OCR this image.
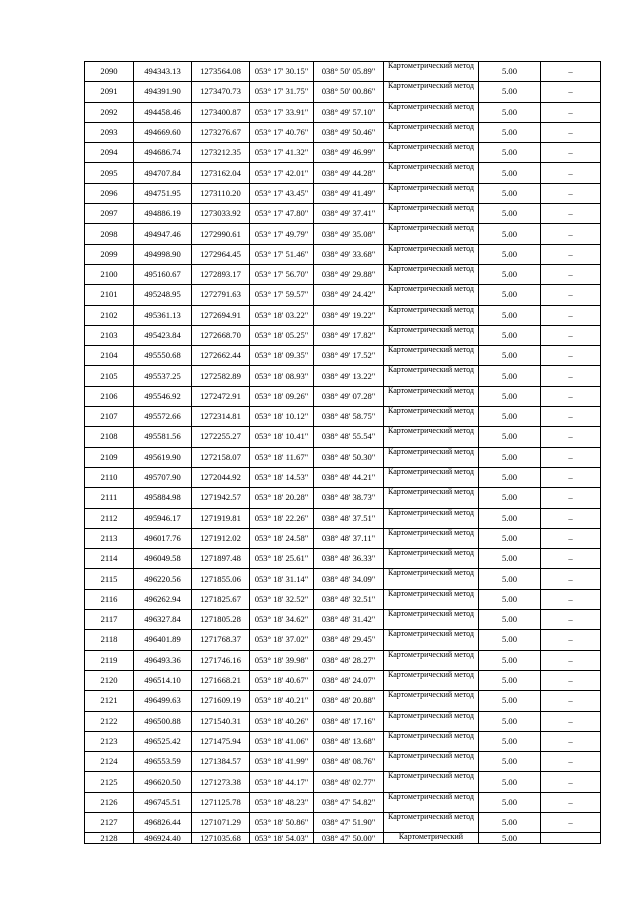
2090	494343.13	1273564.08	053° 17' 30.15"	038° 50' 05.89"	Картометрический метод	5.00	–
2091	494391.90	1273470.73	053° 17' 31.75"	038° 50' 00.86"	Картометрический метод	5.00	–
2092	494458.46	1273400.87	053° 17' 33.91"	038° 49' 57.10"	Картометрический метод	5.00	–
2093	494669.60	1273276.67	053° 17' 40.76"	038° 49' 50.46"	Картометрический метод	5.00	–
2094	494686.74	1273212.35	053° 17' 41.32"	038° 49' 46.99"	Картометрический метод	5.00	–
2095	494707.84	1273162.04	053° 17' 42.01"	038° 49' 44.28"	Картометрический метод	5.00	–
2096	494751.95	1273110.20	053° 17' 43.45"	038° 49' 41.49"	Картометрический метод	5.00	–
2097	494886.19	1273033.92	053° 17' 47.80"	038° 49' 37.41"	Картометрический метод	5.00	–
2098	494947.46	1272990.61	053° 17' 49.79"	038° 49' 35.08"	Картометрический метод	5.00	–
2099	494998.90	1272964.45	053° 17' 51.46"	038° 49' 33.68"	Картометрический метод	5.00	–
2100	495160.67	1272893.17	053° 17' 56.70"	038° 49' 29.88"	Картометрический метод	5.00	–
2101	495248.95	1272791.63	053° 17' 59.57"	038° 49' 24.42"	Картометрический метод	5.00	–
2102	495361.13	1272694.91	053° 18' 03.22"	038° 49' 19.22"	Картометрический метод	5.00	–
2103	495423.84	1272668.70	053° 18' 05.25"	038° 49' 17.82"	Картометрический метод	5.00	–
2104	495550.68	1272662.44	053° 18' 09.35"	038° 49' 17.52"	Картометрический метод	5.00	–
2105	495537.25	1272582.89	053° 18' 08.93"	038° 49' 13.22"	Картометрический метод	5.00	–
2106	495546.92	1272472.91	053° 18' 09.26"	038° 49' 07.28"	Картометрический метод	5.00	–
2107	495572.66	1272314.81	053° 18' 10.12"	038° 48' 58.75"	Картометрический метод	5.00	–
2108	495581.56	1272255.27	053° 18' 10.41"	038° 48' 55.54"	Картометрический метод	5.00	–
2109	495619.90	1272158.07	053° 18' 11.67"	038° 48' 50.30"	Картометрический метод	5.00	–
2110	495707.90	1272044.92	053° 18' 14.53"	038° 48' 44.21"	Картометрический метод	5.00	–
2111	495884.98	1271942.57	053° 18' 20.28"	038° 48' 38.73"	Картометрический метод	5.00	–
2112	495946.17	1271919.81	053° 18' 22.26"	038° 48' 37.51"	Картометрический метод	5.00	–
2113	496017.76	1271912.02	053° 18' 24.58"	038° 48' 37.11"	Картометрический метод	5.00	–
2114	496049.58	1271897.48	053° 18' 25.61"	038° 48' 36.33"	Картометрический метод	5.00	–
2115	496220.56	1271855.06	053° 18' 31.14"	038° 48' 34.09"	Картометрический метод	5.00	–
2116	496262.94	1271825.67	053° 18' 32.52"	038° 48' 32.51"	Картометрический метод	5.00	–
2117	496327.84	1271805.28	053° 18' 34.62"	038° 48' 31.42"	Картометрический метод	5.00	–
2118	496401.89	1271768.37	053° 18' 37.02"	038° 48' 29.45"	Картометрический метод	5.00	–
2119	496493.36	1271746.16	053° 18' 39.98"	038° 48' 28.27"	Картометрический метод	5.00	–
2120	496514.10	1271668.21	053° 18' 40.67"	038° 48' 24.07"	Картометрический метод	5.00	–
2121	496499.63	1271609.19	053° 18' 40.21"	038° 48' 20.88"	Картометрический метод	5.00	–
2122	496500.88	1271540.31	053° 18' 40.26"	038° 48' 17.16"	Картометрический метод	5.00	–
2123	496525.42	1271475.94	053° 18' 41.06"	038° 48' 13.68"	Картометрический метод	5.00	–
2124	496553.59	1271384.57	053° 18' 41.99"	038° 48' 08.76"	Картометрический метод	5.00	–
2125	496620.50	1271273.38	053° 18' 44.17"	038° 48' 02.77"	Картометрический метод	5.00	–
2126	496745.51	1271125.78	053° 18' 48.23"	038° 47' 54.82"	Картометрический метод	5.00	–
2127	496826.44	1271071.29	053° 18' 50.86"	038° 47' 51.90"	Картометрический метод	5.00	–
2128	496924.40	1271035.68	053° 18' 54.03"	038° 47' 50.00"	Картометрический	5.00	
